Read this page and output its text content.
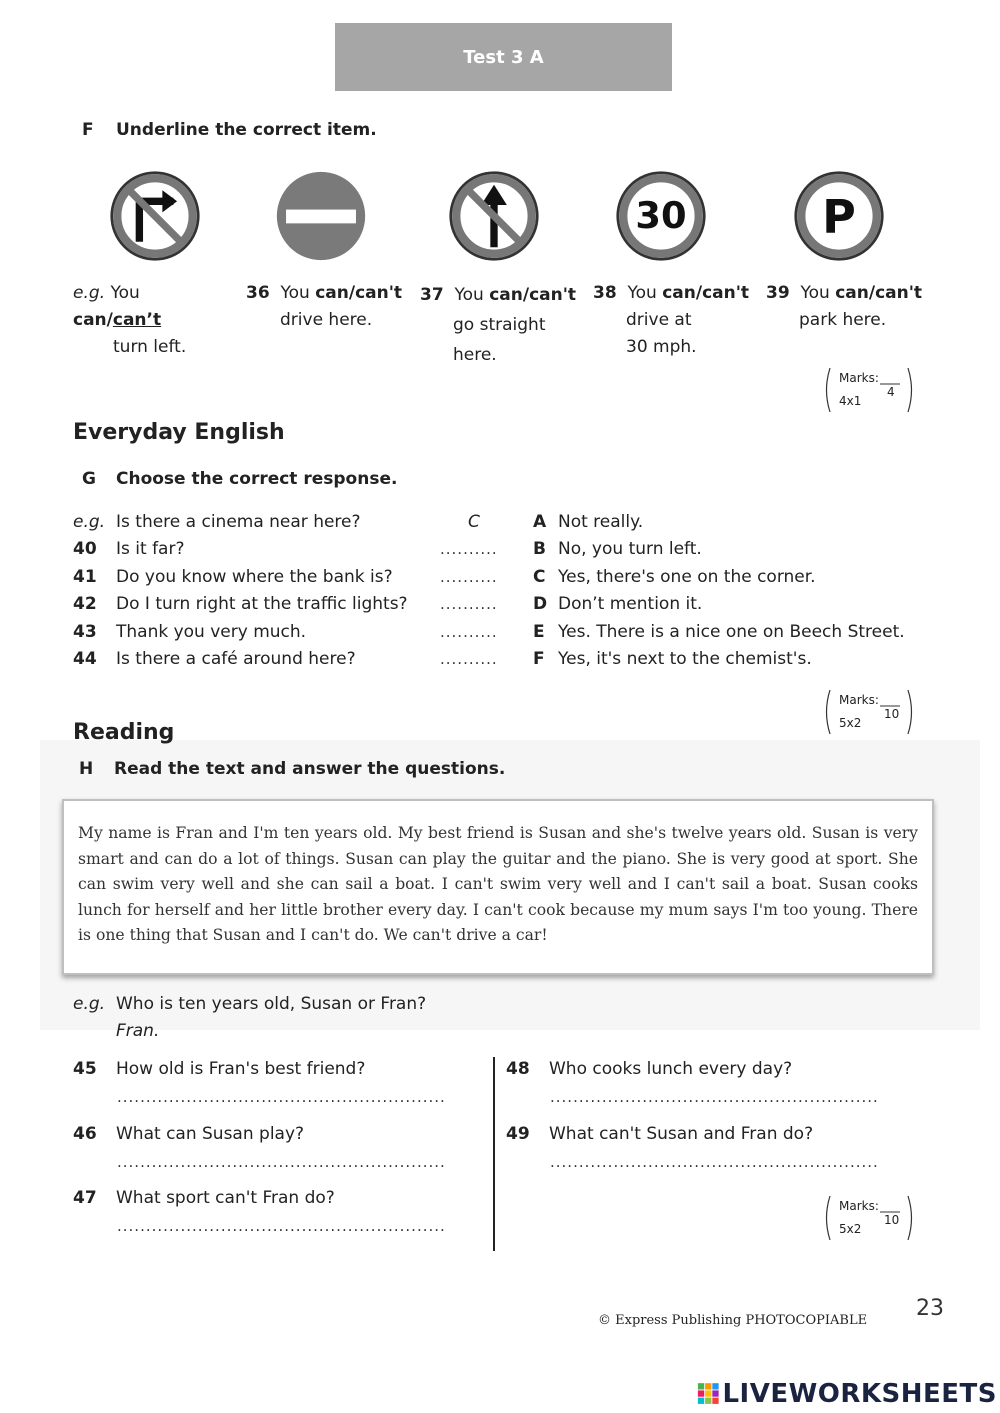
Test 3 A
F Underline the correct item.
30	P
e.g. You can/can’t
turn left.
36 You can/can't
drive here.
37 You can/can't
go straight
here.
38 You can/can't
drive at
30 mph.
39 You can/can't
park here.
Marks:
4x1
4
Everyday English
G Choose the correct response.
e.g. Is there a cinema near here?
40 Is it far?
41 Do you know where the bank is?
42 Do I turn right at the traffic lights?
43 Thank you very much.
44 Is there a café around here?
C
..........
..........
..........
..........
..........
A Not really.
B No, you turn left.
C Yes, there's one on the corner.
D Don’t mention it.
E Yes. There is a nice one on Beech Street.
F Yes, it's next to the chemist's.
Marks:
5x2
10
Reading
H Read the text and answer the questions.
My name is Fran and I'm ten years old. My best friend is Susan and she's twelve years old. Susan is very smart and can do a lot of things. Susan can play the guitar and the piano. She is very good at sport. She can swim very well and she can sail a boat. I can't swim very well and I can't sail a boat. Susan cooks lunch for herself and her little brother every day. I can't cook because my mum says I'm too young. There is one thing that Susan and I can't do. We can't drive a car!
e.g. Who is ten years old, Susan or Fran?
Fran.
45 How old is Fran's best friend?
.........................................................
46 What can Susan play?
.........................................................
47 What sport can't Fran do?
.........................................................
48 Who cooks lunch every day?
.........................................................
49 What can't Susan and Fran do?
.........................................................
Marks:
5x2
10
© Express Publishing PHOTOCOPIABLE 23
LIVEWORKSHEETS
